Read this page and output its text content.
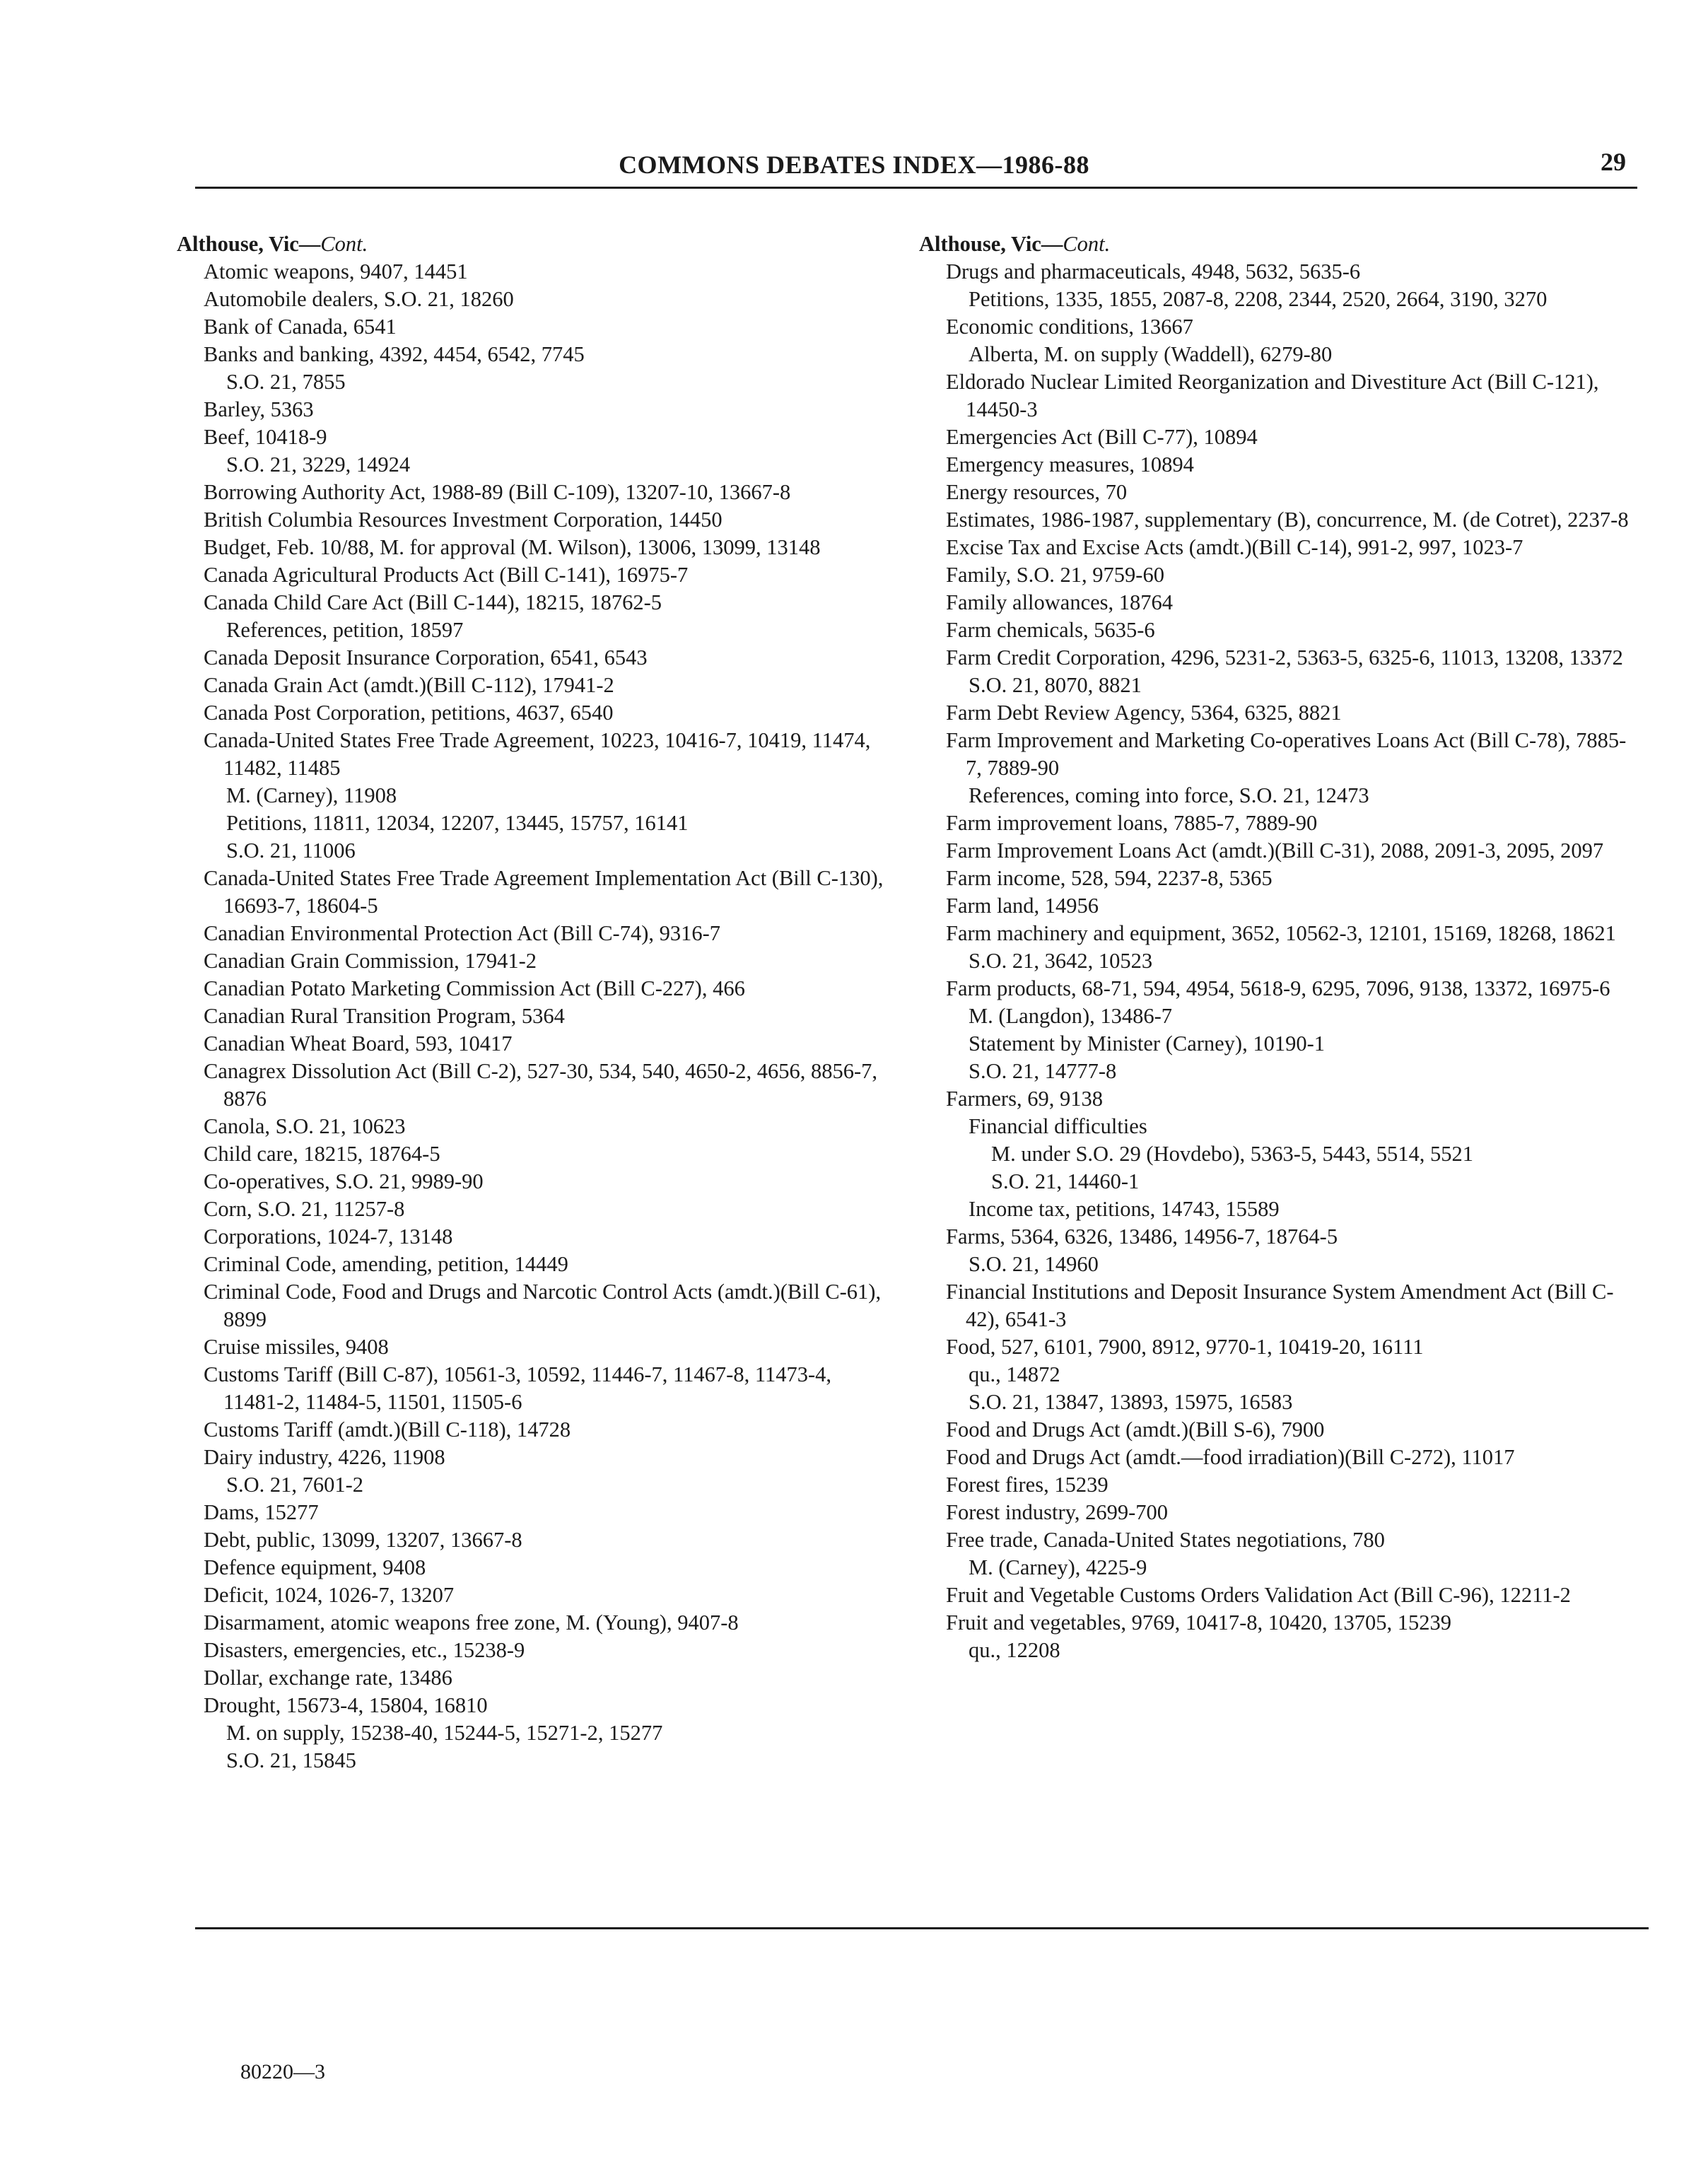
COMMONS DEBATES INDEX—1986-88	29
Althouse, Vic—Cont.
Atomic weapons, 9407, 14451
Automobile dealers, S.O. 21, 18260
Bank of Canada, 6541
Banks and banking, 4392, 4454, 6542, 7745
S.O. 21, 7855
Barley, 5363
Beef, 10418-9
S.O. 21, 3229, 14924
Borrowing Authority Act, 1988-89 (Bill C-109), 13207-10, 13667-8
British Columbia Resources Investment Corporation, 14450
Budget, Feb. 10/88, M. for approval (M. Wilson), 13006, 13099, 13148
Canada Agricultural Products Act (Bill C-141), 16975-7
Canada Child Care Act (Bill C-144), 18215, 18762-5
References, petition, 18597
Canada Deposit Insurance Corporation, 6541, 6543
Canada Grain Act (amdt.)(Bill C-112), 17941-2
Canada Post Corporation, petitions, 4637, 6540
Canada-United States Free Trade Agreement, 10223, 10416-7, 10419, 11474, 11482, 11485
M. (Carney), 11908
Petitions, 11811, 12034, 12207, 13445, 15757, 16141
S.O. 21, 11006
Canada-United States Free Trade Agreement Implementation Act (Bill C-130), 16693-7, 18604-5
Canadian Environmental Protection Act (Bill C-74), 9316-7
Canadian Grain Commission, 17941-2
Canadian Potato Marketing Commission Act (Bill C-227), 466
Canadian Rural Transition Program, 5364
Canadian Wheat Board, 593, 10417
Canagrex Dissolution Act (Bill C-2), 527-30, 534, 540, 4650-2, 4656, 8856-7, 8876
Canola, S.O. 21, 10623
Child care, 18215, 18764-5
Co-operatives, S.O. 21, 9989-90
Corn, S.O. 21, 11257-8
Corporations, 1024-7, 13148
Criminal Code, amending, petition, 14449
Criminal Code, Food and Drugs and Narcotic Control Acts (amdt.)(Bill C-61), 8899
Cruise missiles, 9408
Customs Tariff (Bill C-87), 10561-3, 10592, 11446-7, 11467-8, 11473-4, 11481-2, 11484-5, 11501, 11505-6
Customs Tariff (amdt.)(Bill C-118), 14728
Dairy industry, 4226, 11908
S.O. 21, 7601-2
Dams, 15277
Debt, public, 13099, 13207, 13667-8
Defence equipment, 9408
Deficit, 1024, 1026-7, 13207
Disarmament, atomic weapons free zone, M. (Young), 9407-8
Disasters, emergencies, etc., 15238-9
Dollar, exchange rate, 13486
Drought, 15673-4, 15804, 16810
M. on supply, 15238-40, 15244-5, 15271-2, 15277
S.O. 21, 15845
Althouse, Vic—Cont.
Drugs and pharmaceuticals, 4948, 5632, 5635-6
Petitions, 1335, 1855, 2087-8, 2208, 2344, 2520, 2664, 3190, 3270
Economic conditions, 13667
Alberta, M. on supply (Waddell), 6279-80
Eldorado Nuclear Limited Reorganization and Divestiture Act (Bill C-121), 14450-3
Emergencies Act (Bill C-77), 10894
Emergency measures, 10894
Energy resources, 70
Estimates, 1986-1987, supplementary (B), concurrence, M. (de Cotret), 2237-8
Excise Tax and Excise Acts (amdt.)(Bill C-14), 991-2, 997, 1023-7
Family, S.O. 21, 9759-60
Family allowances, 18764
Farm chemicals, 5635-6
Farm Credit Corporation, 4296, 5231-2, 5363-5, 6325-6, 11013, 13208, 13372
S.O. 21, 8070, 8821
Farm Debt Review Agency, 5364, 6325, 8821
Farm Improvement and Marketing Co-operatives Loans Act (Bill C-78), 7885-7, 7889-90
References, coming into force, S.O. 21, 12473
Farm improvement loans, 7885-7, 7889-90
Farm Improvement Loans Act (amdt.)(Bill C-31), 2088, 2091-3, 2095, 2097
Farm income, 528, 594, 2237-8, 5365
Farm land, 14956
Farm machinery and equipment, 3652, 10562-3, 12101, 15169, 18268, 18621
S.O. 21, 3642, 10523
Farm products, 68-71, 594, 4954, 5618-9, 6295, 7096, 9138, 13372, 16975-6
M. (Langdon), 13486-7
Statement by Minister (Carney), 10190-1
S.O. 21, 14777-8
Farmers, 69, 9138
Financial difficulties
M. under S.O. 29 (Hovdebo), 5363-5, 5443, 5514, 5521
S.O. 21, 14460-1
Income tax, petitions, 14743, 15589
Farms, 5364, 6326, 13486, 14956-7, 18764-5
S.O. 21, 14960
Financial Institutions and Deposit Insurance System Amendment Act (Bill C-42), 6541-3
Food, 527, 6101, 7900, 8912, 9770-1, 10419-20, 16111
qu., 14872
S.O. 21, 13847, 13893, 15975, 16583
Food and Drugs Act (amdt.)(Bill S-6), 7900
Food and Drugs Act (amdt.—food irradiation)(Bill C-272), 11017
Forest fires, 15239
Forest industry, 2699-700
Free trade, Canada-United States negotiations, 780
M. (Carney), 4225-9
Fruit and Vegetable Customs Orders Validation Act (Bill C-96), 12211-2
Fruit and vegetables, 9769, 10417-8, 10420, 13705, 15239
qu., 12208
80220—3
